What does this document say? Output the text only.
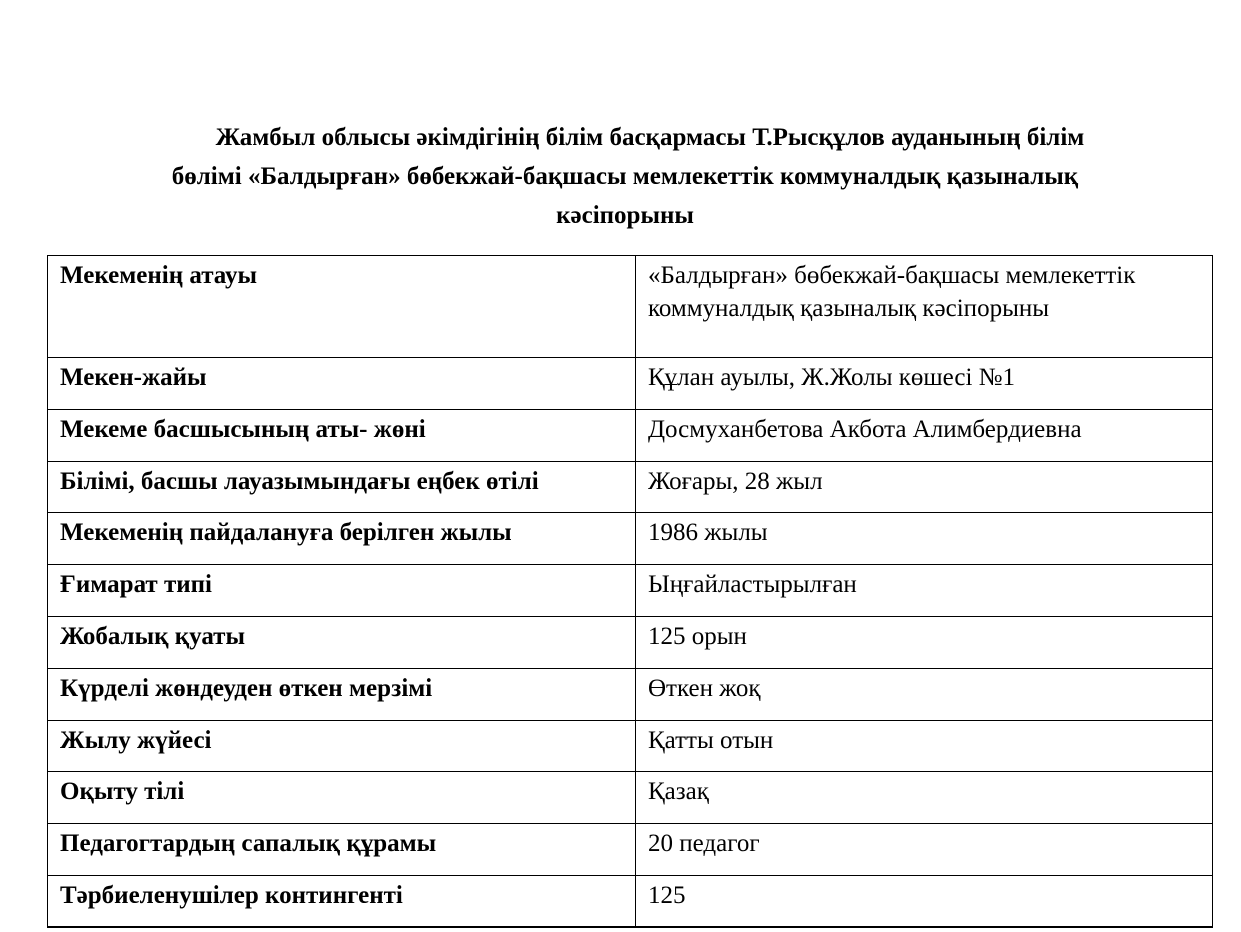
Жамбыл облысы әкімдігінің білім басқармасы Т.Рысқұлов ауданының білім
бөлімі «Балдырған» бөбекжай-бақшасы мемлекеттік коммуналдық қазыналық
кәсіпорыны
Мекеменің атауы	«Балдырған» бөбекжай-бақшасы мемлекеттік коммуналдық қазыналық кәсіпорыны
Мекен-жайы	Құлан ауылы, Ж.Жолы көшесі №1
Мекеме басшысының аты- жөні	Досмуханбетова Акбота Алимбердиевна
Білімі, басшы лауазымындағы еңбек өтілі	Жоғары, 28 жыл
Мекеменің пайдалануға берілген жылы	1986 жылы
Ғимарат типі	Ыңғайластырылған
Жобалық қуаты	125 орын
Күрделі жөндеуден өткен мерзімі	Өткен жоқ
Жылу жүйесі	Қатты отын
Оқыту тілі	Қазақ
Педагогтардың сапалық құрамы	20 педагог
Тәрбиеленушілер контингенті	125
